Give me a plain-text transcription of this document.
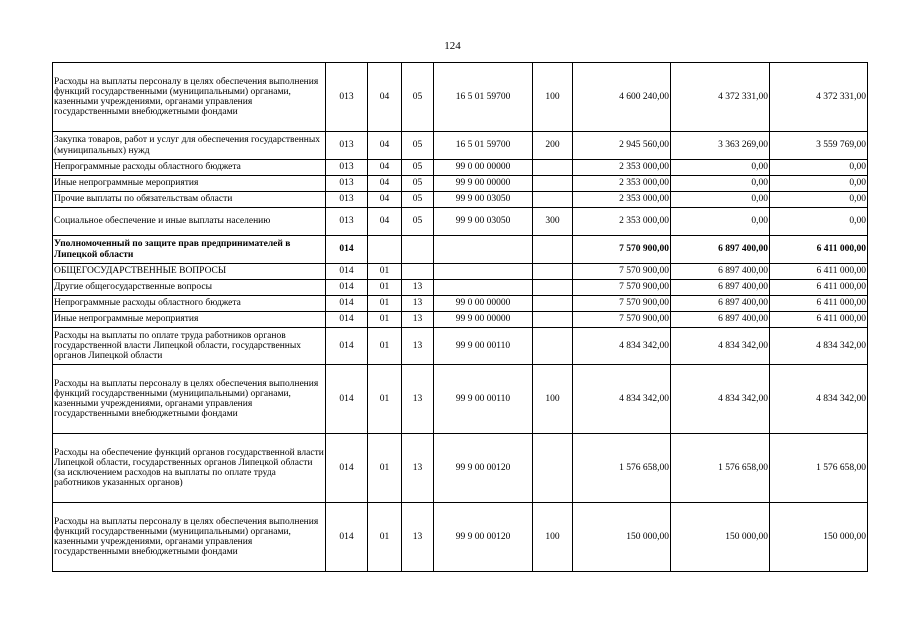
124
Расходы на выплаты персоналу в целях обеспечения выполнения функций государственными (муниципальными) органами, казенными учреждениями, органами управления государственными внебюджетными фондами	013	04	05	16 5 01 59700	100	4 600 240,00	4 372 331,00	4 372 331,00
Закупка товаров, работ и услуг для обеспечения государственных (муниципальных) нужд	013	04	05	16 5 01 59700	200	2 945 560,00	3 363 269,00	3 559 769,00
Непрограммные расходы областного бюджета	013	04	05	99 0 00 00000		2 353 000,00	0,00	0,00
Иные непрограммные мероприятия	013	04	05	99 9 00 00000		2 353 000,00	0,00	0,00
Прочие выплаты по обязательствам области	013	04	05	99 9 00 03050		2 353 000,00	0,00	0,00
Социальное обеспечение и иные выплаты населению	013	04	05	99 9 00 03050	300	2 353 000,00	0,00	0,00
Уполномоченный по защите прав предпринимателей в Липецкой области	014					7 570 900,00	6 897 400,00	6 411 000,00
ОБЩЕГОСУДАРСТВЕННЫЕ ВОПРОСЫ	014	01				7 570 900,00	6 897 400,00	6 411 000,00
Другие общегосударственные вопросы	014	01	13			7 570 900,00	6 897 400,00	6 411 000,00
Непрограммные расходы областного бюджета	014	01	13	99 0 00 00000		7 570 900,00	6 897 400,00	6 411 000,00
Иные непрограммные мероприятия	014	01	13	99 9 00 00000		7 570 900,00	6 897 400,00	6 411 000,00
Расходы на выплаты по оплате труда работников органов государственной власти Липецкой области, государственных органов Липецкой области	014	01	13	99 9 00 00110		4 834 342,00	4 834 342,00	4 834 342,00
Расходы на выплаты персоналу в целях обеспечения выполнения функций государственными (муниципальными) органами, казенными учреждениями, органами управления государственными внебюджетными фондами	014	01	13	99 9 00 00110	100	4 834 342,00	4 834 342,00	4 834 342,00
Расходы на обеспечение функций органов государственной власти Липецкой области, государственных органов Липецкой области (за исключением расходов на выплаты по оплате труда работников указанных органов)	014	01	13	99 9 00 00120		1 576 658,00	1 576 658,00	1 576 658,00
Расходы на выплаты персоналу в целях обеспечения выполнения функций государственными (муниципальными) органами, казенными учреждениями, органами управления государственными внебюджетными фондами	014	01	13	99 9 00 00120	100	150 000,00	150 000,00	150 000,00
